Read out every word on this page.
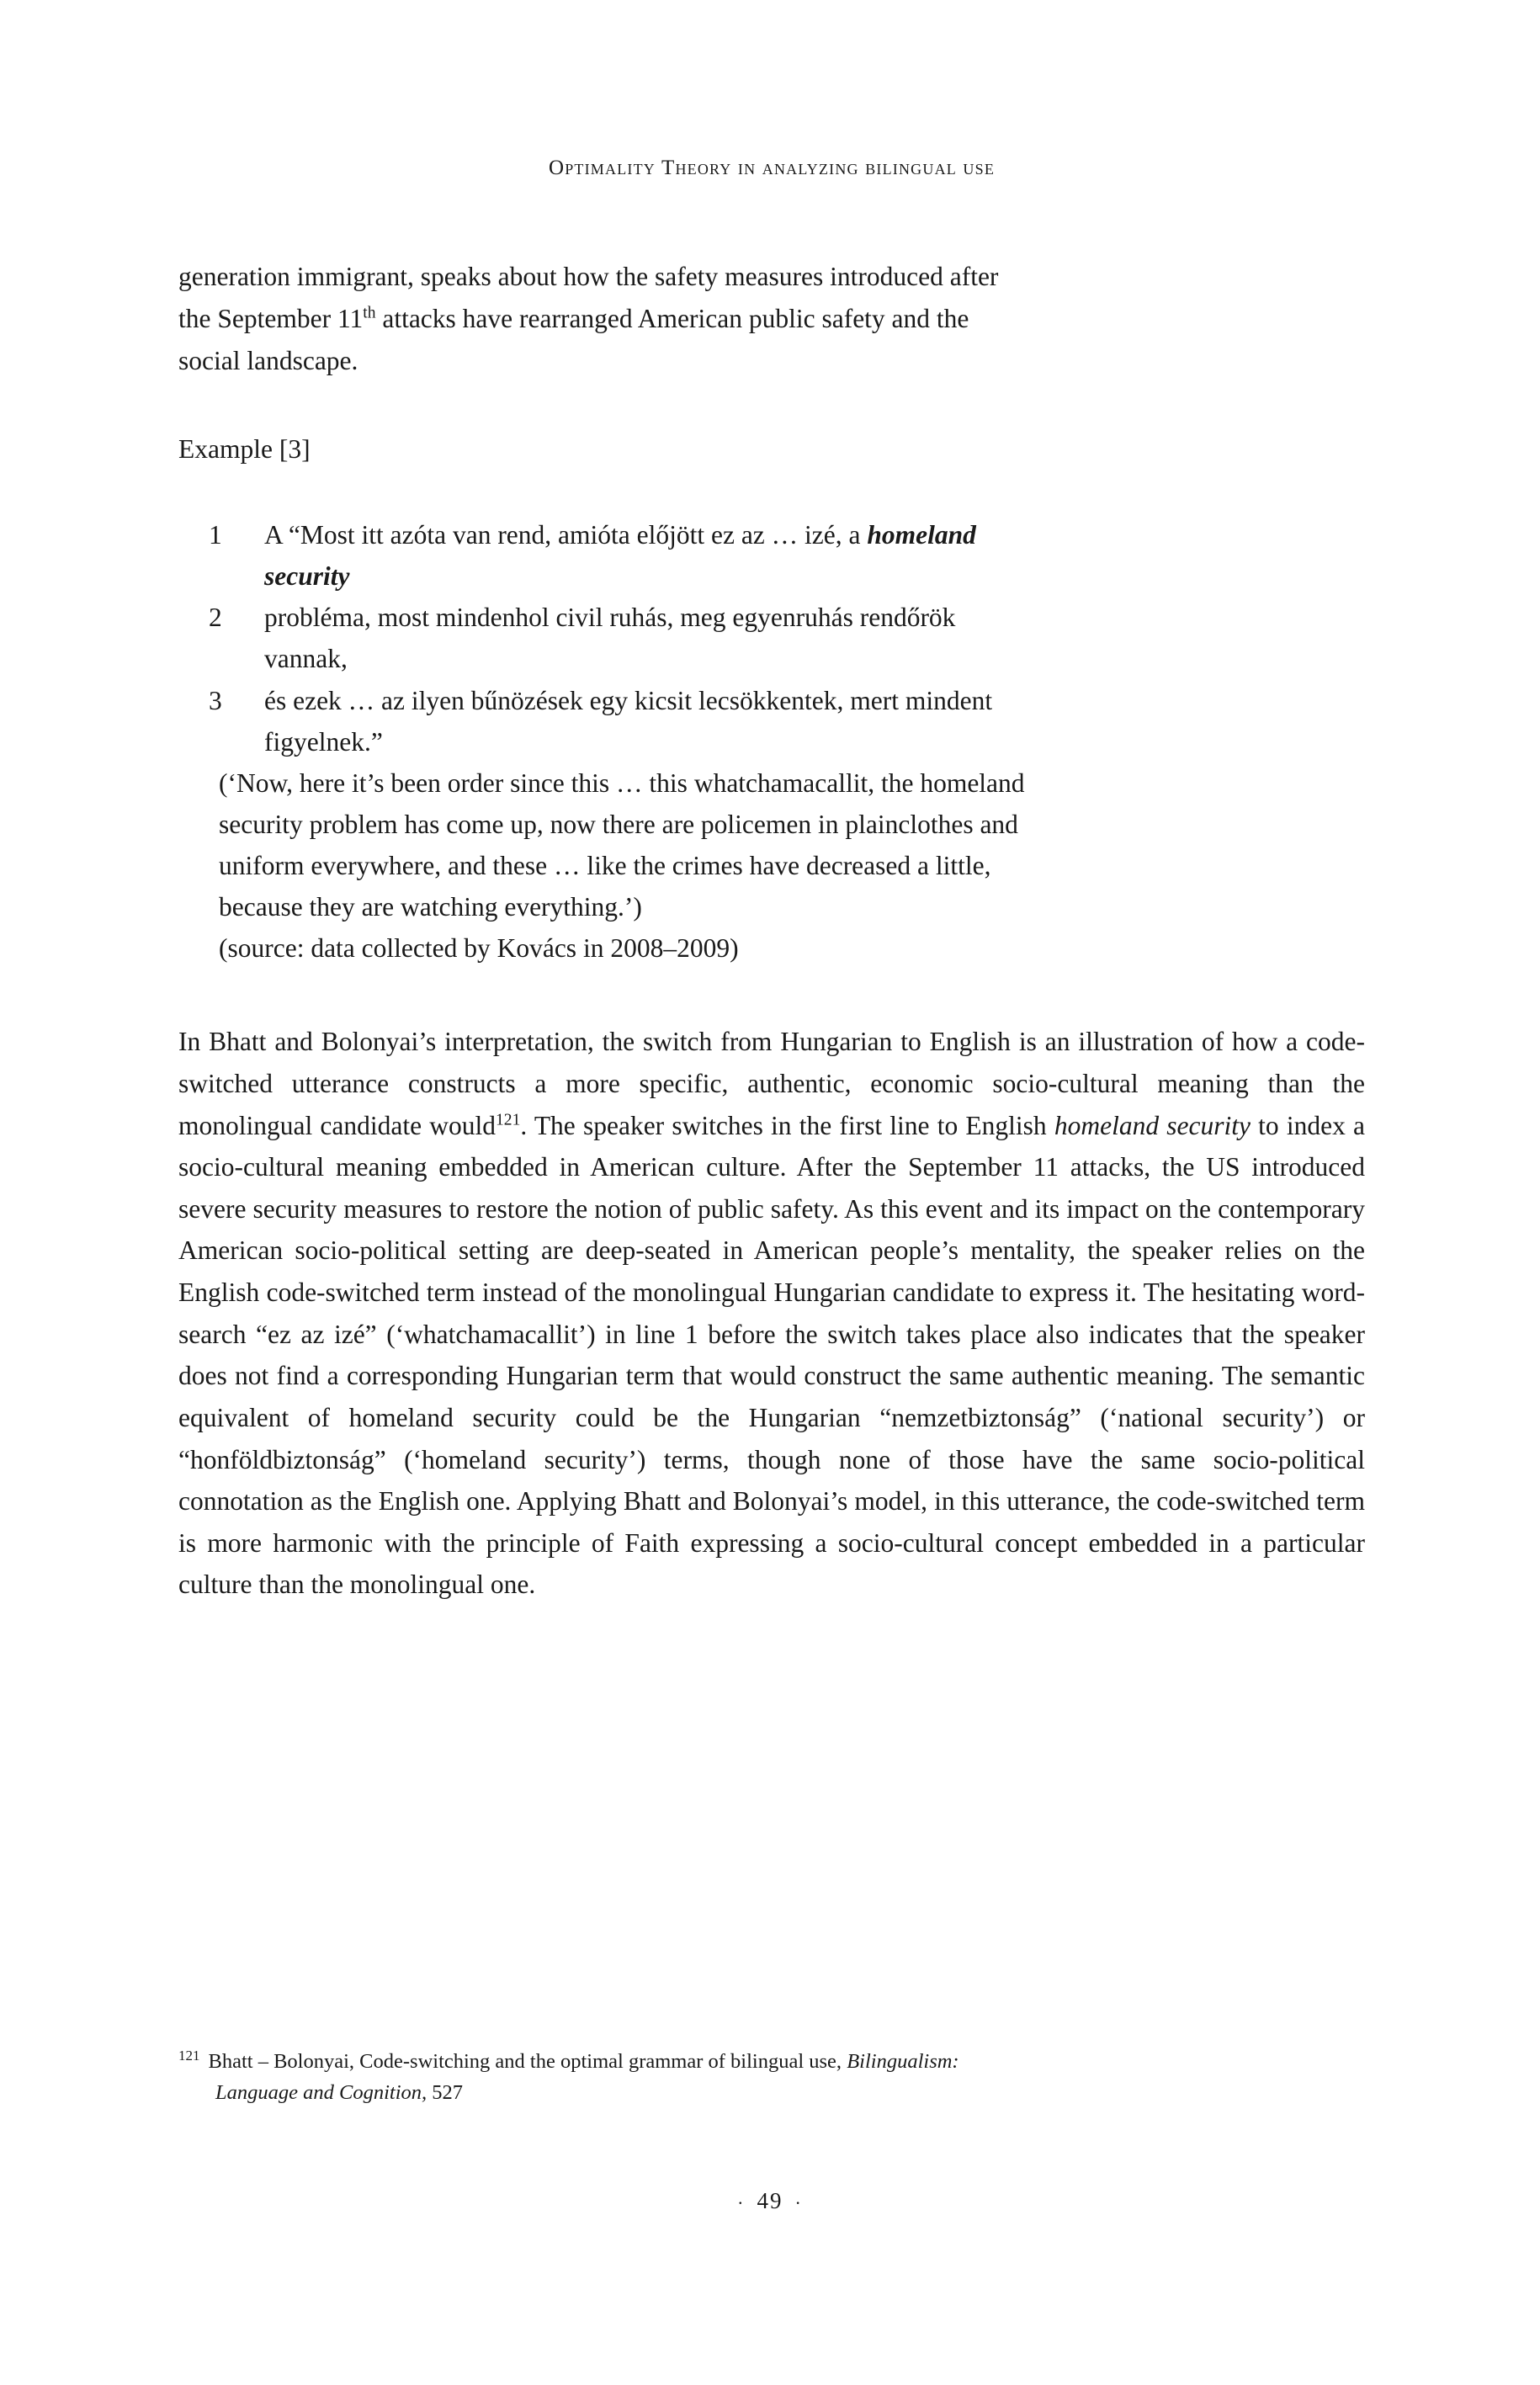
Optimality Theory in analyzing bilingual use

generation immigrant, speaks about how the safety measures introduced after

the September 11th attacks have rearranged American public safety and the

social landscape.

Example [3]
1	A “Most itt azóta van rend, amióta előjött ez az … izé, a homeland
security
2	probléma, most mindenhol civil ruhás, meg egyenruhás rendőrök
vannak,
3	és ezek … az ilyen bűnözések egy kicsit lecsökkentek, mert mindent
figyelnek.”
(‘Now, here it’s been order since this … this whatchamacallit, the homeland
security problem has come up, now there are policemen in plainclothes and
uniform everywhere, and these … like the crimes have decreased a little,
because they are watching everything.’)
(source: data collected by Kovács in 2008–2009)
In Bhatt and Bolonyai’s interpretation, the switch from Hungarian to English is an illustration of how a code-switched utterance constructs a more specific, authentic, economic socio-cultural meaning than the monolingual candidate would$^{121}$. The speaker switches in the first line to English homeland security to index a socio-cultural meaning embedded in American culture. After the September 11 attacks, the US introduced severe security measures to restore the notion of public safety. As this event and its impact on the contemporary American socio-political setting are deep-seated in American people’s mentality, the speaker relies on the English code-switched term instead of the monolingual Hungarian candidate to express it. The hesitating word-search “ez az izé” (‘whatchamacallit’) in line 1 before the switch takes place also indicates that the speaker does not find a corresponding Hungarian term that would construct the same authentic meaning. The semantic equivalent of homeland security could be the Hungarian “nemzetbiztonság” (‘national security’) or “honföldbiztonság” (‘homeland security’) terms, though none of those have the same socio-political connotation as the English one. Applying Bhatt and Bolonyai’s model, in this utterance, the code-switched term is more harmonic with the principle of Faith expressing a socio-cultural concept embedded in a particular culture than the monolingual one.
$^{121}$ Bhatt – Bolonyai, Code-switching and the optimal grammar of bilingual use, Bilingualism:
Language and Cognition, 527
· 49 ·
